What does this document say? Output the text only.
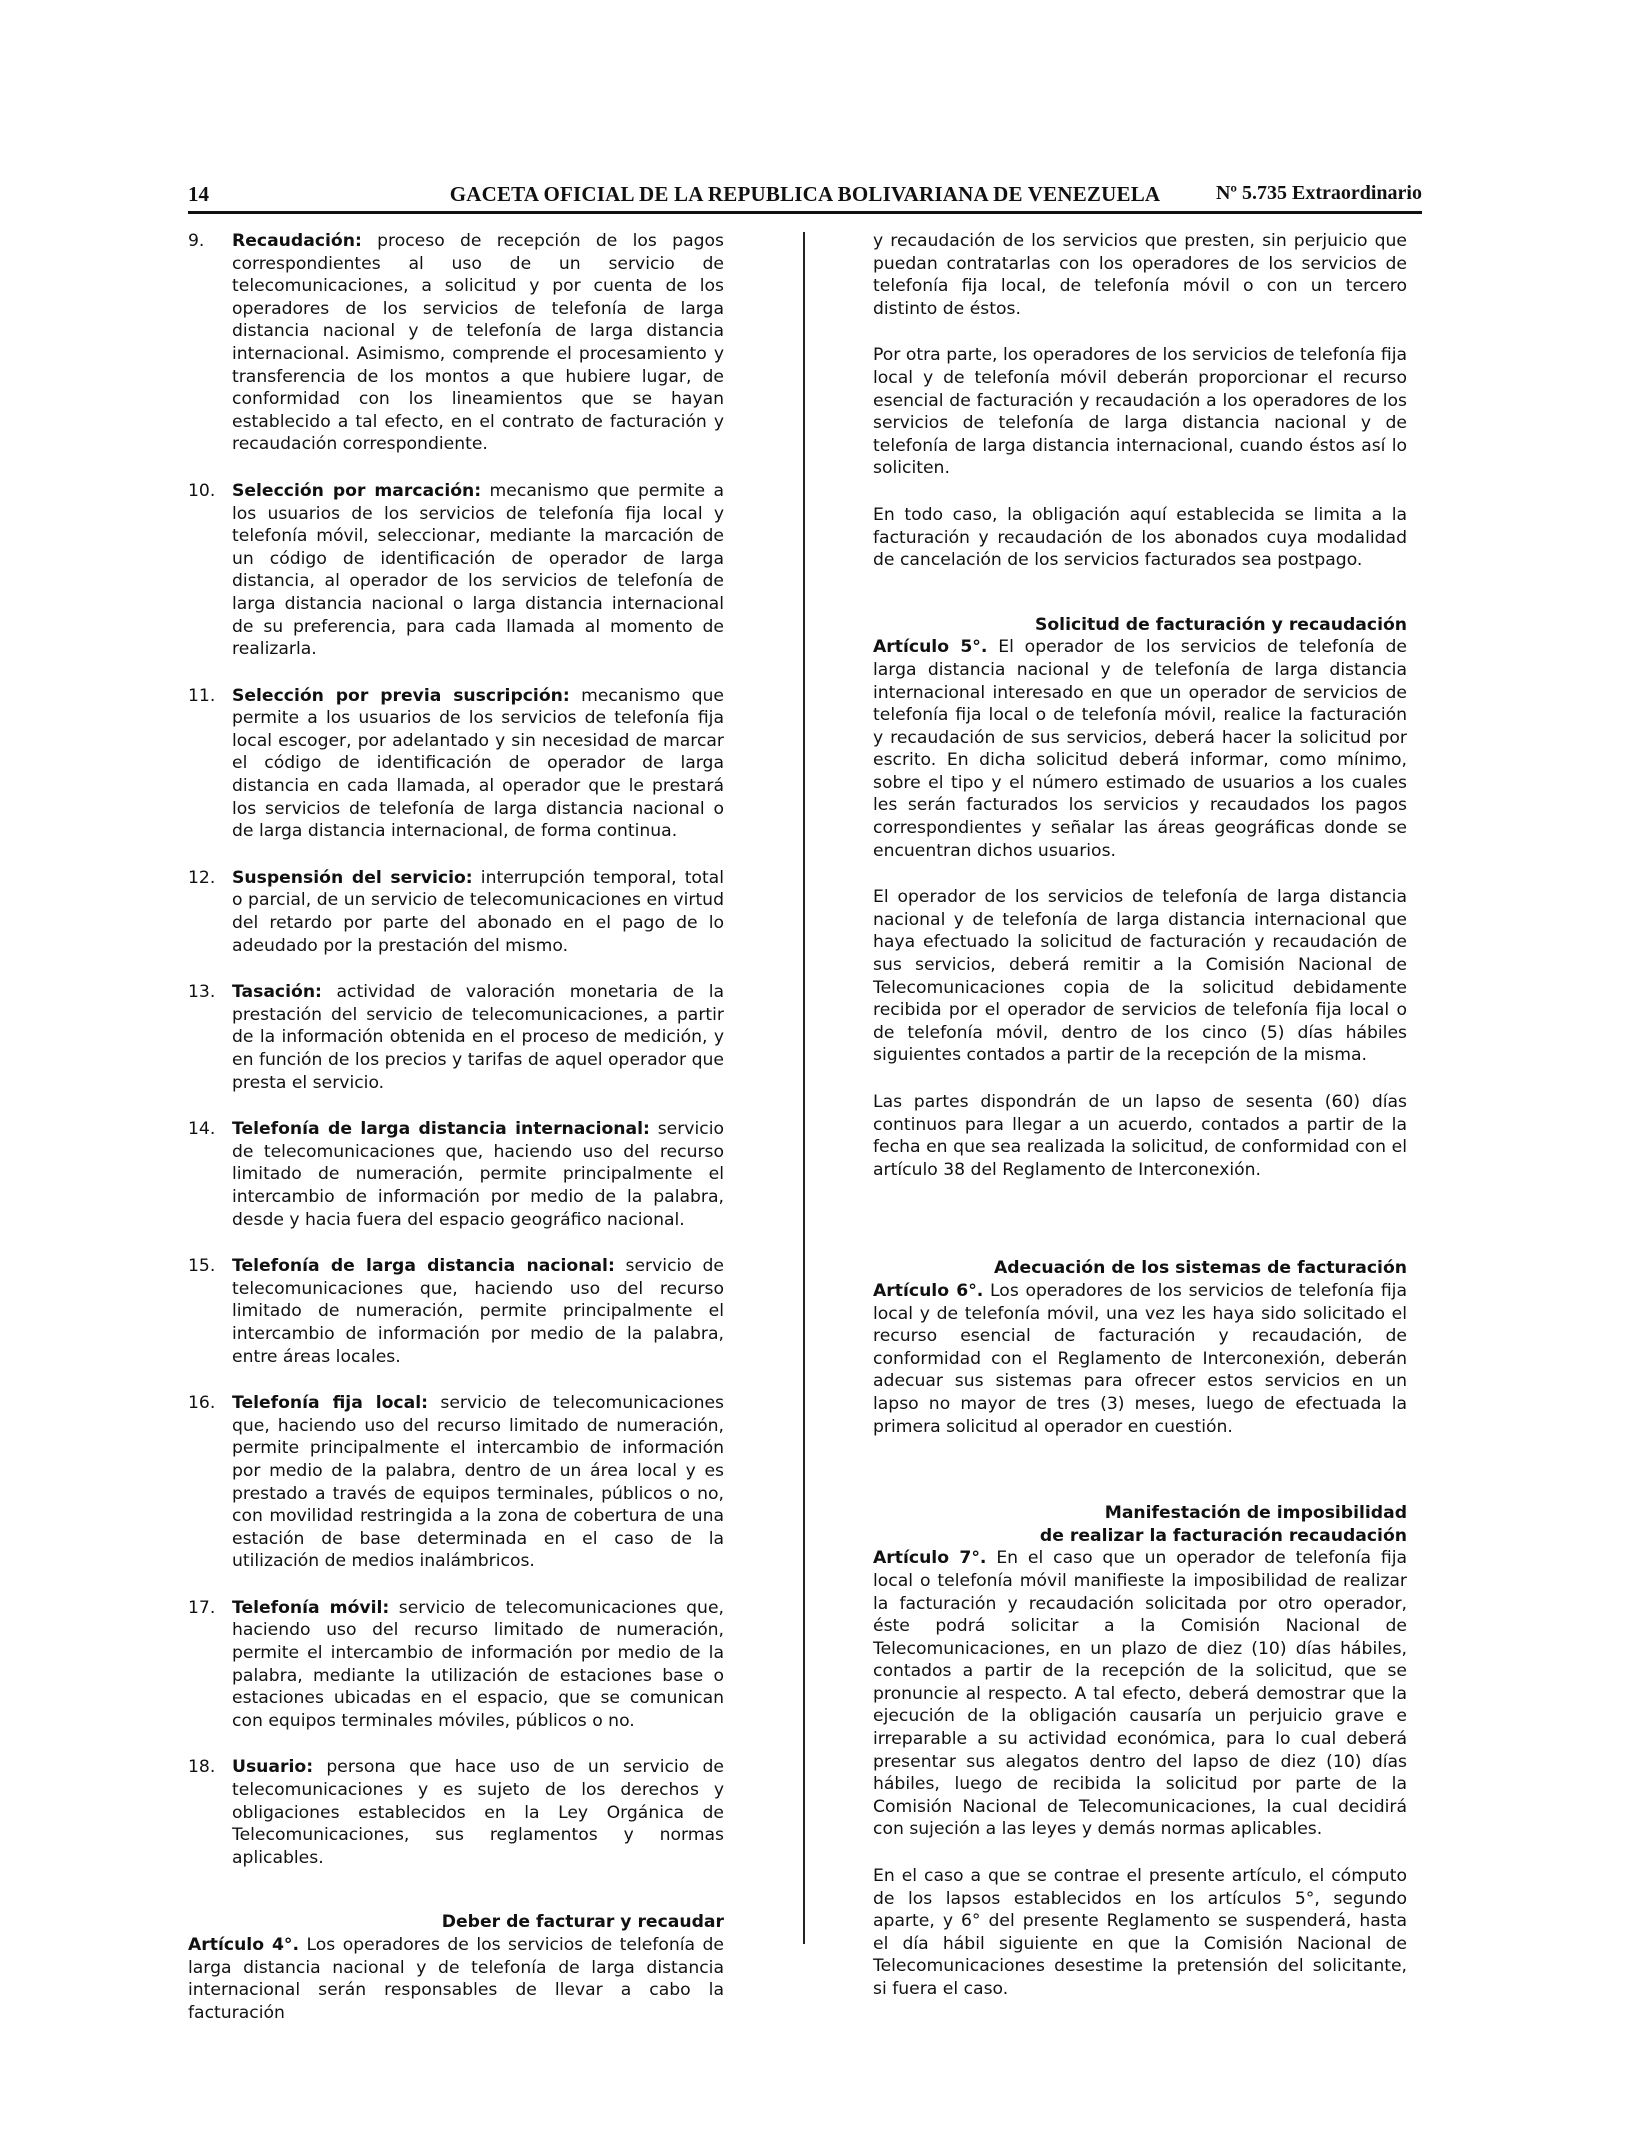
14	GACETA OFICIAL DE LA REPUBLICA BOLIVARIANA DE VENEZUELA	Nº 5.735 Extraordinario
9. Recaudación: proceso de recepción de los pagos correspondientes al uso de un servicio de telecomunicaciones, a solicitud y por cuenta de los operadores de los servicios de telefonía de larga distancia nacional y de telefonía de larga distancia internacional. Asimismo, comprende el procesamiento y transferencia de los montos a que hubiere lugar, de conformidad con los lineamientos que se hayan establecido a tal efecto, en el contrato de facturación y recaudación correspondiente.
10. Selección por marcación: mecanismo que permite a los usuarios de los servicios de telefonía fija local y telefonía móvil, seleccionar, mediante la marcación de un código de identificación de operador de larga distancia, al operador de los servicios de telefonía de larga distancia nacional o larga distancia internacional de su preferencia, para cada llamada al momento de realizarla.
11. Selección por previa suscripción: mecanismo que permite a los usuarios de los servicios de telefonía fija local escoger, por adelantado y sin necesidad de marcar el código de identificación de operador de larga distancia en cada llamada, al operador que le prestará los servicios de telefonía de larga distancia nacional o de larga distancia internacional, de forma continua.
12. Suspensión del servicio: interrupción temporal, total o parcial, de un servicio de telecomunicaciones en virtud del retardo por parte del abonado en el pago de lo adeudado por la prestación del mismo.
13. Tasación: actividad de valoración monetaria de la prestación del servicio de telecomunicaciones, a partir de la información obtenida en el proceso de medición, y en función de los precios y tarifas de aquel operador que presta el servicio.
14. Telefonía de larga distancia internacional: servicio de telecomunicaciones que, haciendo uso del recurso limitado de numeración, permite principalmente el intercambio de información por medio de la palabra, desde y hacia fuera del espacio geográfico nacional.
15. Telefonía de larga distancia nacional: servicio de telecomunicaciones que, haciendo uso del recurso limitado de numeración, permite principalmente el intercambio de información por medio de la palabra, entre áreas locales.
16. Telefonía fija local: servicio de telecomunicaciones que, haciendo uso del recurso limitado de numeración, permite principalmente el intercambio de información por medio de la palabra, dentro de un área local y es prestado a través de equipos terminales, públicos o no, con movilidad restringida a la zona de cobertura de una estación de base determinada en el caso de la utilización de medios inalámbricos.
17. Telefonía móvil: servicio de telecomunicaciones que, haciendo uso del recurso limitado de numeración, permite el intercambio de información por medio de la palabra, mediante la utilización de estaciones base o estaciones ubicadas en el espacio, que se comunican con equipos terminales móviles, públicos o no.
18. Usuario: persona que hace uso de un servicio de telecomunicaciones y es sujeto de los derechos y obligaciones establecidos en la Ley Orgánica de Telecomunicaciones, sus reglamentos y normas aplicables.

Deber de facturar y recaudar

Artículo 4°. Los operadores de los servicios de telefonía de larga distancia nacional y de telefonía de larga distancia internacional serán responsables de llevar a cabo la facturación

y recaudación de los servicios que presten, sin perjuicio que puedan contratarlas con los operadores de los servicios de telefonía fija local, de telefonía móvil o con un tercero distinto de éstos.

Por otra parte, los operadores de los servicios de telefonía fija local y de telefonía móvil deberán proporcionar el recurso esencial de facturación y recaudación a los operadores de los servicios de telefonía de larga distancia nacional y de telefonía de larga distancia internacional, cuando éstos así lo soliciten.

En todo caso, la obligación aquí establecida se limita a la facturación y recaudación de los abonados cuya modalidad de cancelación de los servicios facturados sea postpago.

Solicitud de facturación y recaudación

Artículo 5°. El operador de los servicios de telefonía de larga distancia nacional y de telefonía de larga distancia internacional interesado en que un operador de servicios de telefonía fija local o de telefonía móvil, realice la facturación y recaudación de sus servicios, deberá hacer la solicitud por escrito. En dicha solicitud deberá informar, como mínimo, sobre el tipo y el número estimado de usuarios a los cuales les serán facturados los servicios y recaudados los pagos correspondientes y señalar las áreas geográficas donde se encuentran dichos usuarios.

El operador de los servicios de telefonía de larga distancia nacional y de telefonía de larga distancia internacional que haya efectuado la solicitud de facturación y recaudación de sus servicios, deberá remitir a la Comisión Nacional de Telecomunicaciones copia de la solicitud debidamente recibida por el operador de servicios de telefonía fija local o de telefonía móvil, dentro de los cinco (5) días hábiles siguientes contados a partir de la recepción de la misma.

Las partes dispondrán de un lapso de sesenta (60) días continuos para llegar a un acuerdo, contados a partir de la fecha en que sea realizada la solicitud, de conformidad con el artículo 38 del Reglamento de Interconexión.

Adecuación de los sistemas de facturación

Artículo 6°. Los operadores de los servicios de telefonía fija local y de telefonía móvil, una vez les haya sido solicitado el recurso esencial de facturación y recaudación, de conformidad con el Reglamento de Interconexión, deberán adecuar sus sistemas para ofrecer estos servicios en un lapso no mayor de tres (3) meses, luego de efectuada la primera solicitud al operador en cuestión.

Manifestación de imposibilidad

de realizar la facturación recaudación

Artículo 7°. En el caso que un operador de telefonía fija local o telefonía móvil manifieste la imposibilidad de realizar la facturación y recaudación solicitada por otro operador, éste podrá solicitar a la Comisión Nacional de Telecomunicaciones, en un plazo de diez (10) días hábiles, contados a partir de la recepción de la solicitud, que se pronuncie al respecto. A tal efecto, deberá demostrar que la ejecución de la obligación causaría un perjuicio grave e irreparable a su actividad económica, para lo cual deberá presentar sus alegatos dentro del lapso de diez (10) días hábiles, luego de recibida la solicitud por parte de la Comisión Nacional de Telecomunicaciones, la cual decidirá con sujeción a las leyes y demás normas aplicables.

En el caso a que se contrae el presente artículo, el cómputo de los lapsos establecidos en los artículos 5°, segundo aparte, y 6° del presente Reglamento se suspenderá, hasta el día hábil siguiente en que la Comisión Nacional de Telecomunicaciones desestime la pretensión del solicitante, si fuera el caso.
